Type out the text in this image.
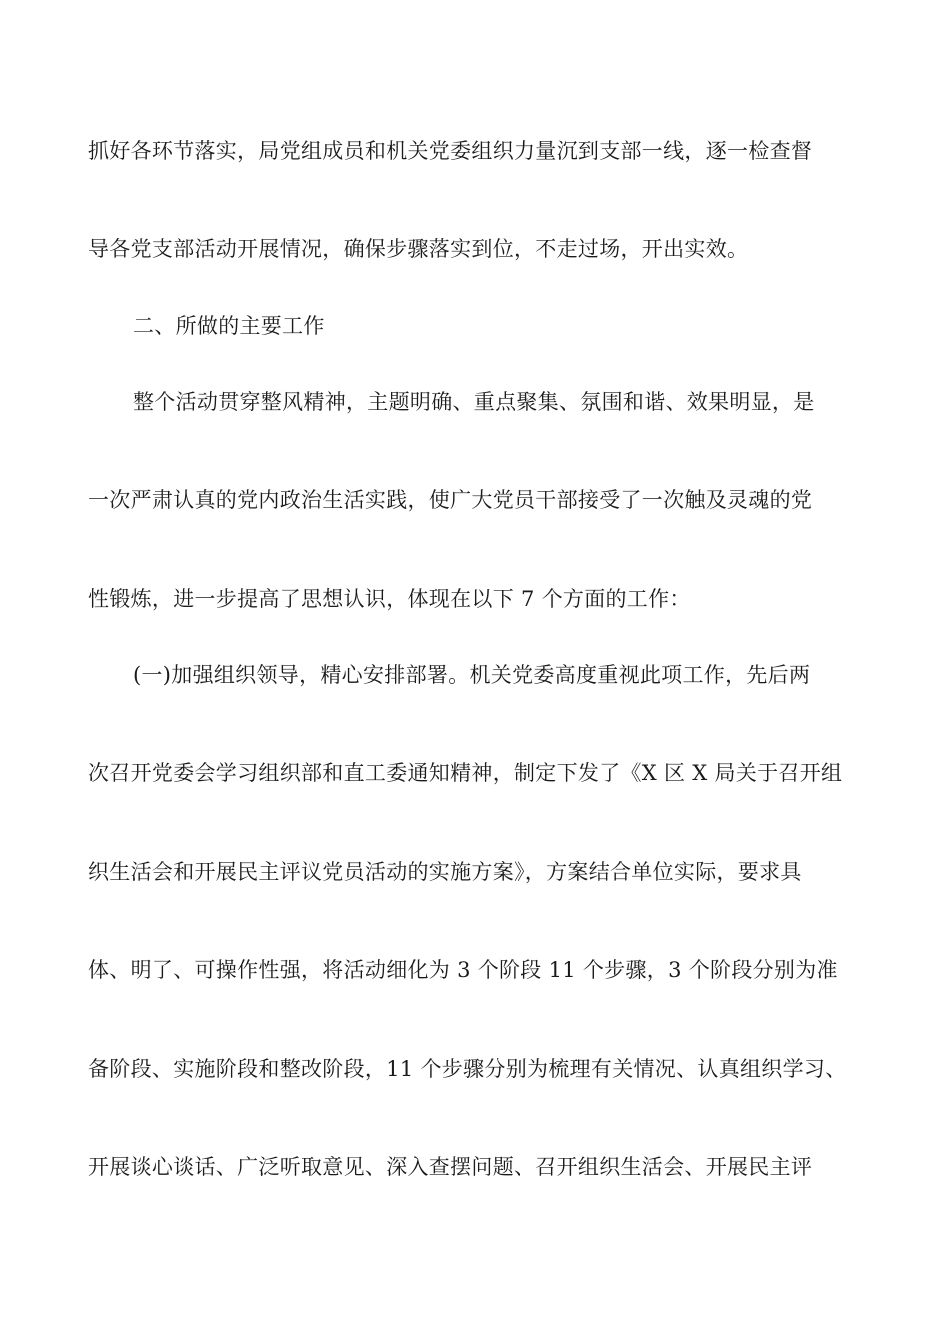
抓好各环节落实，局党组成员和机关党委组织力量沉到支部一线，逐一检查督
导各党支部活动开展情况，确保步骤落实到位，不走过场，开出实效。
二、所做的主要工作
整个活动贯穿整风精神，主题明确、重点聚集、氛围和谐、效果明显，是
一次严肃认真的党内政治生活实践，使广大党员干部接受了一次触及灵魂的党
性锻炼，进一步提高了思想认识，体现在以下 7 个方面的工作：
(一)加强组织领导，精心安排部署。机关党委高度重视此项工作，先后两
次召开党委会学习组织部和直工委通知精神，制定下发了《X 区 X 局关于召开组
织生活会和开展民主评议党员活动的实施方案》，方案结合单位实际，要求具
体、明了、可操作性强，将活动细化为 3 个阶段 11 个步骤，3 个阶段分别为准
备阶段、实施阶段和整改阶段，11 个步骤分别为梳理有关情况、认真组织学习、
开展谈心谈话、广泛听取意见、深入查摆问题、召开组织生活会、开展民主评
